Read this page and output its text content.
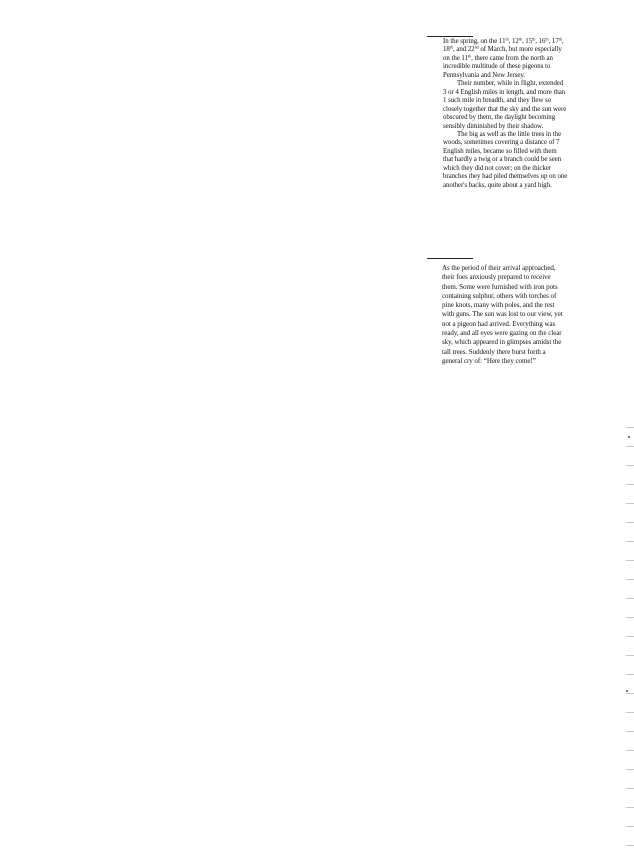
In the spring, on the 11th, 12th, 15th, 16th, 17th, 18th, and 22nd of March, but more especially on the 11th, there came from the north an incredible multitude of these pigeons to Pennsylvania and New Jersey.

Their number, while in flight, extended 3 or 4 English miles in length, and more than 1 such mile in breadth, and they flew so closely together that the sky and the sun were obscured by them, the daylight becoming sensibly diminished by their shadow.

The big as well as the little trees in the woods, sometimes covering a distance of 7 English miles, became so filled with them that hardly a twig or a branch could be seen which they did not cover; on the thicker branches they had piled themselves up on one another's backs, quite about a yard high.

As the period of their arrival approached, their foes anxiously prepared to receive them. Some were furnished with iron pots containing sulphur, others with torches of pine knots, many with poles, and the rest with guns. The sun was lost to our view, yet not a pigeon had arrived. Everything was ready, and all eyes were gazing on the clear sky, which appeared in glimpses amidst the tall trees. Suddenly there burst forth a general cry of: “Here they come!”
